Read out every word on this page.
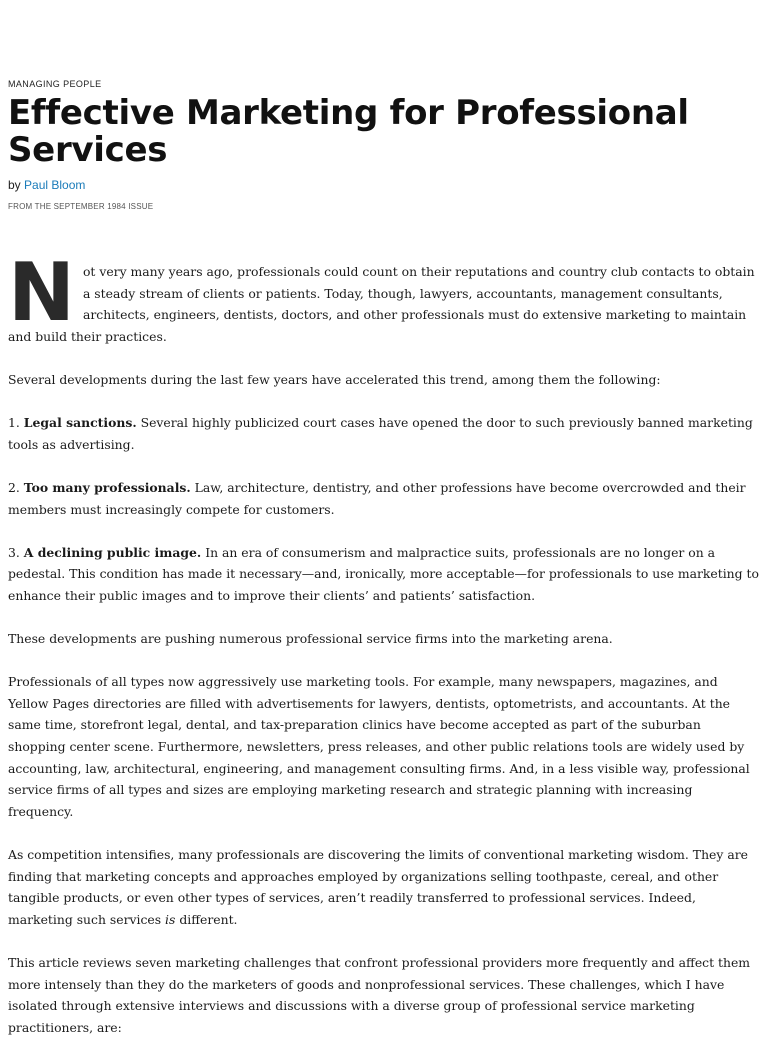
MANAGING PEOPLE
Effective Marketing for Professional Services
by Paul Bloom
FROM THE SEPTEMBER 1984 ISSUE

Not very many years ago, professionals could count on their reputations and country club contacts to obtain a steady stream of clients or patients. Today, though, lawyers, accountants, management consultants, architects, engineers, dentists, doctors, and other professionals must do extensive marketing to maintain and build their practices.

Several developments during the last few years have accelerated this trend, among them the following:

1. Legal sanctions. Several highly publicized court cases have opened the door to such previously banned marketing tools as advertising.

2. Too many professionals. Law, architecture, dentistry, and other professions have become overcrowded and their members must increasingly compete for customers.

3. A declining public image. In an era of consumerism and malpractice suits, professionals are no longer on a pedestal. This condition has made it necessary—and, ironically, more acceptable—for professionals to use marketing to enhance their public images and to improve their clients’ and patients’ satisfaction.

These developments are pushing numerous professional service firms into the marketing arena.

Professionals of all types now aggressively use marketing tools. For example, many newspapers, magazines, and Yellow Pages directories are filled with advertisements for lawyers, dentists, optometrists, and accountants. At the same time, storefront legal, dental, and tax-preparation clinics have become accepted as part of the suburban shopping center scene. Furthermore, newsletters, press releases, and other public relations tools are widely used by accounting, law, architectural, engineering, and management consulting firms. And, in a less visible way, professional service firms of all types and sizes are employing marketing research and strategic planning with increasing frequency.

As competition intensifies, many professionals are discovering the limits of conventional marketing wisdom. They are finding that marketing concepts and approaches employed by organizations selling toothpaste, cereal, and other tangible products, or even other types of services, aren’t readily transferred to professional services. Indeed, marketing such services is different.

This article reviews seven marketing challenges that confront professional providers more frequently and affect them more intensely than they do the marketers of goods and nonprofessional services. These challenges, which I have isolated through extensive interviews and discussions with a diverse group of professional service marketing practitioners, are:
